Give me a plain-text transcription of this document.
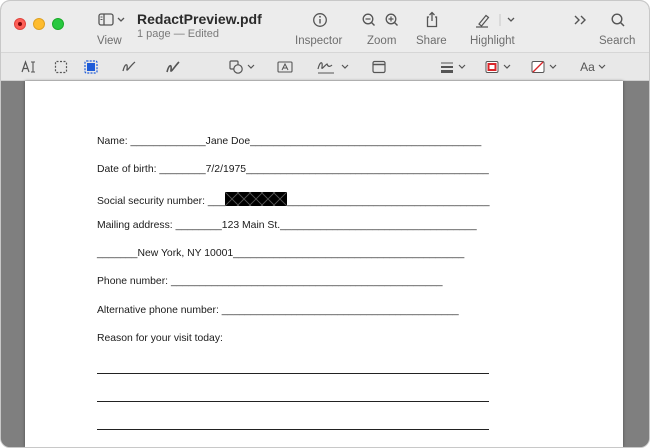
View
RedactPreview.pdf
1 page — Edited
Inspector Zoom Share Highlight	Search
Aa
Name: _____________Jane Doe________________________________________
Date of birth: ________7/2/1975__________________________________________
Social security number: ___	___________________________________
Mailing address: ________123 Main St.__________________________________
_______New York, NY 10001________________________________________
Phone number: _______________________________________________
Alternative phone number: _________________________________________
Reason for your visit today:
